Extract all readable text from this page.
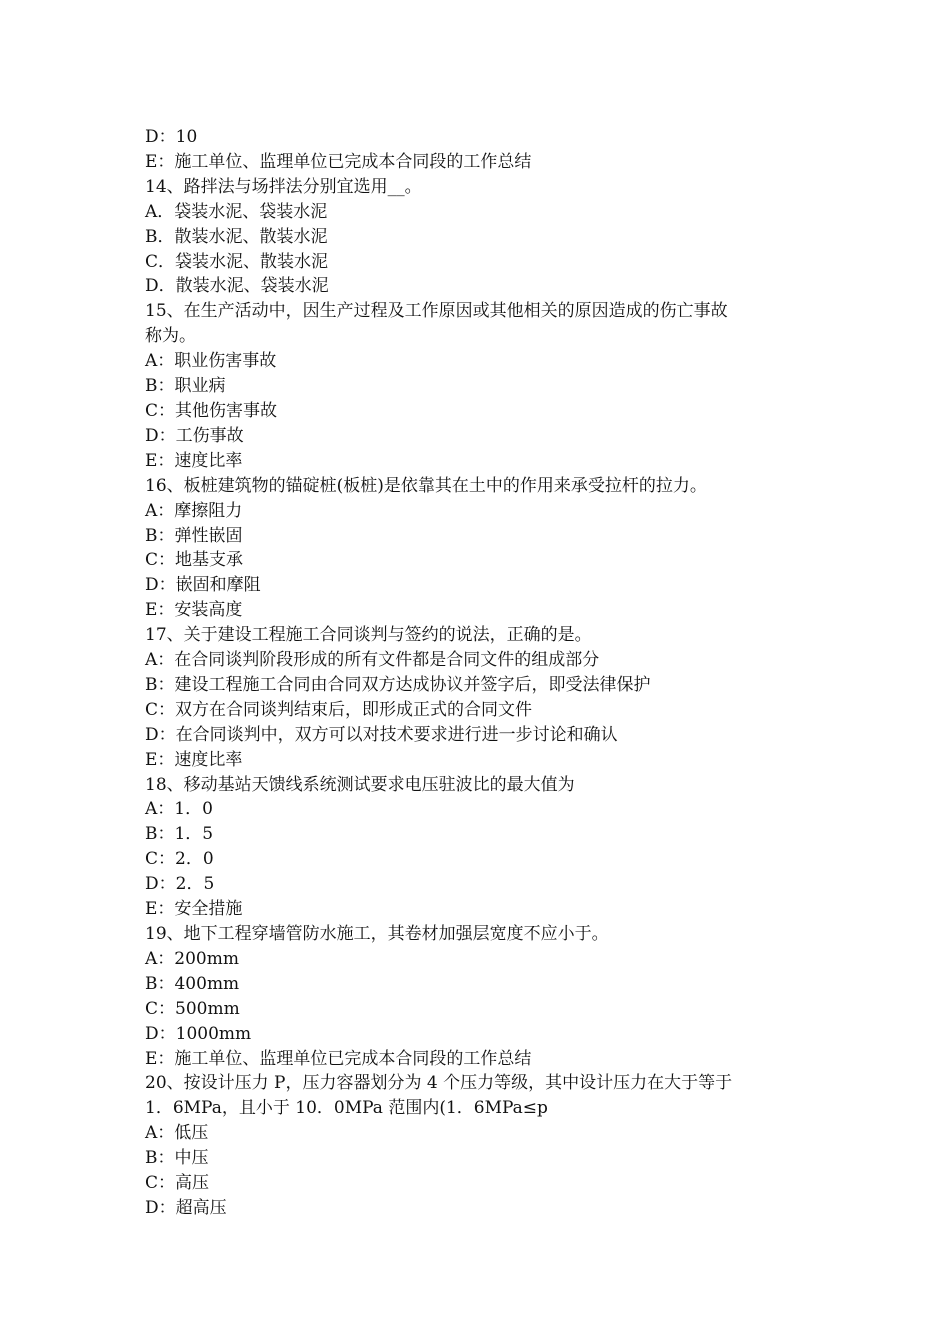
D：10
E：施工单位、监理单位已完成本合同段的工作总结
14、路拌法与场拌法分别宜选用__。
A．袋装水泥、袋装水泥
B．散装水泥、散装水泥
C．袋装水泥、散装水泥
D．散装水泥、袋装水泥
15、在生产活动中，因生产过程及工作原因或其他相关的原因造成的伤亡事故
称为。
A：职业伤害事故
B：职业病
C：其他伤害事故
D：工伤事故
E：速度比率
16、板桩建筑物的锚碇桩(板桩)是依靠其在土中的作用来承受拉杆的拉力。
A：摩擦阻力
B：弹性嵌固
C：地基支承
D：嵌固和摩阻
E：安装高度
17、关于建设工程施工合同谈判与签约的说法，正确的是。
A：在合同谈判阶段形成的所有文件都是合同文件的组成部分
B：建设工程施工合同由合同双方达成协议并签字后，即受法律保护
C：双方在合同谈判结束后，即形成正式的合同文件
D：在合同谈判中，双方可以对技术要求进行进一步讨论和确认
E：速度比率
18、移动基站天馈线系统测试要求电压驻波比的最大值为
A：1．0
B：1．5
C：2．0
D：2．5
E：安全措施
19、地下工程穿墙管防水施工，其卷材加强层宽度不应小于。
A：200mm
B：400mm
C：500mm
D：1000mm
E：施工单位、监理单位已完成本合同段的工作总结
20、按设计压力 P，压力容器划分为 4 个压力等级，其中设计压力在大于等于
1．6MPa，且小于 10．0MPa 范围内(1．6MPa≤p
A：低压
B：中压
C：高压
D：超高压
